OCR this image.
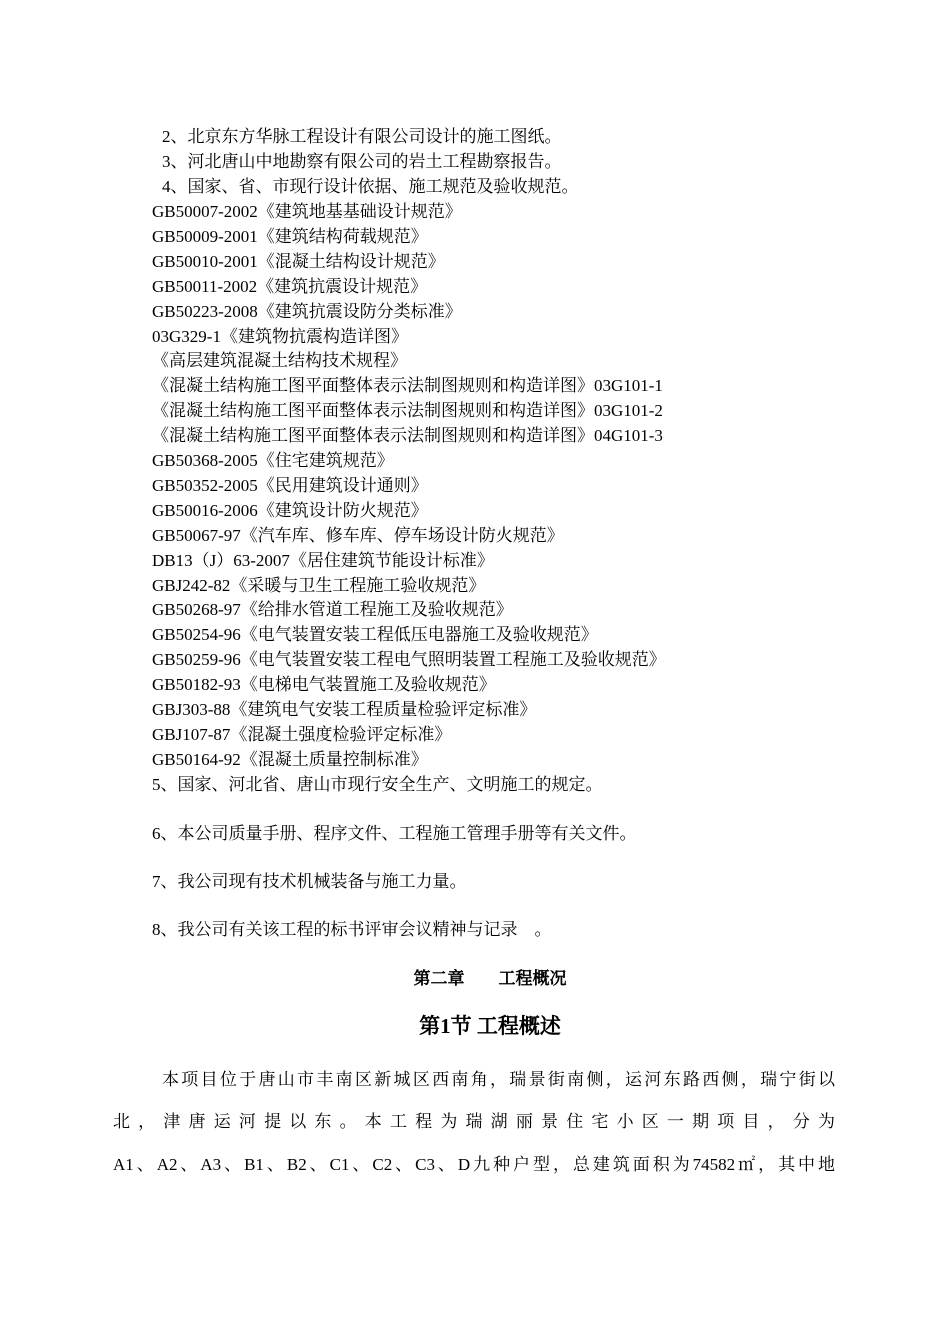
2、北京东方华脉工程设计有限公司设计的施工图纸。
3、河北唐山中地勘察有限公司的岩土工程勘察报告。
4、国家、省、市现行设计依据、施工规范及验收规范。
GB50007-2002《建筑地基基础设计规范》
GB50009-2001《建筑结构荷载规范》
GB50010-2001《混凝土结构设计规范》
GB50011-2002《建筑抗震设计规范》
GB50223-2008《建筑抗震设防分类标准》
03G329-1《建筑物抗震构造详图》
《高层建筑混凝土结构技术规程》
《混凝土结构施工图平面整体表示法制图规则和构造详图》03G101-1
《混凝土结构施工图平面整体表示法制图规则和构造详图》03G101-2
《混凝土结构施工图平面整体表示法制图规则和构造详图》04G101-3
GB50368-2005《住宅建筑规范》
GB50352-2005《民用建筑设计通则》
GB50016-2006《建筑设计防火规范》
GB50067-97《汽车库、修车库、停车场设计防火规范》
DB13（J）63-2007《居住建筑节能设计标准》
GBJ242-82《采暖与卫生工程施工验收规范》
GB50268-97《给排水管道工程施工及验收规范》
GB50254-96《电气装置安装工程低压电器施工及验收规范》
GB50259-96《电气装置安装工程电气照明装置工程施工及验收规范》
GB50182-93《电梯电气装置施工及验收规范》
GBJ303-88《建筑电气安装工程质量检验评定标准》
GBJ107-87《混凝土强度检验评定标准》
GB50164-92《混凝土质量控制标准》
5、国家、河北省、唐山市现行安全生产、文明施工的规定。
6、本公司质量手册、程序文件、工程施工管理手册等有关文件。
7、我公司现有技术机械装备与施工力量。
8、我公司有关该工程的标书评审会议精神与记录　。
第二章　　工程概况
第1节 工程概述
本项目位于唐山市丰南区新城区西南角，瑞景街南侧，运河东路西侧，瑞宁街以
北，津唐运河提以东。本工程为瑞湖丽景住宅小区一期项目，分为
A1、A2、A3、B1、B2、C1、C2、C3、D九种户型，总建筑面积为74582㎡，其中地
